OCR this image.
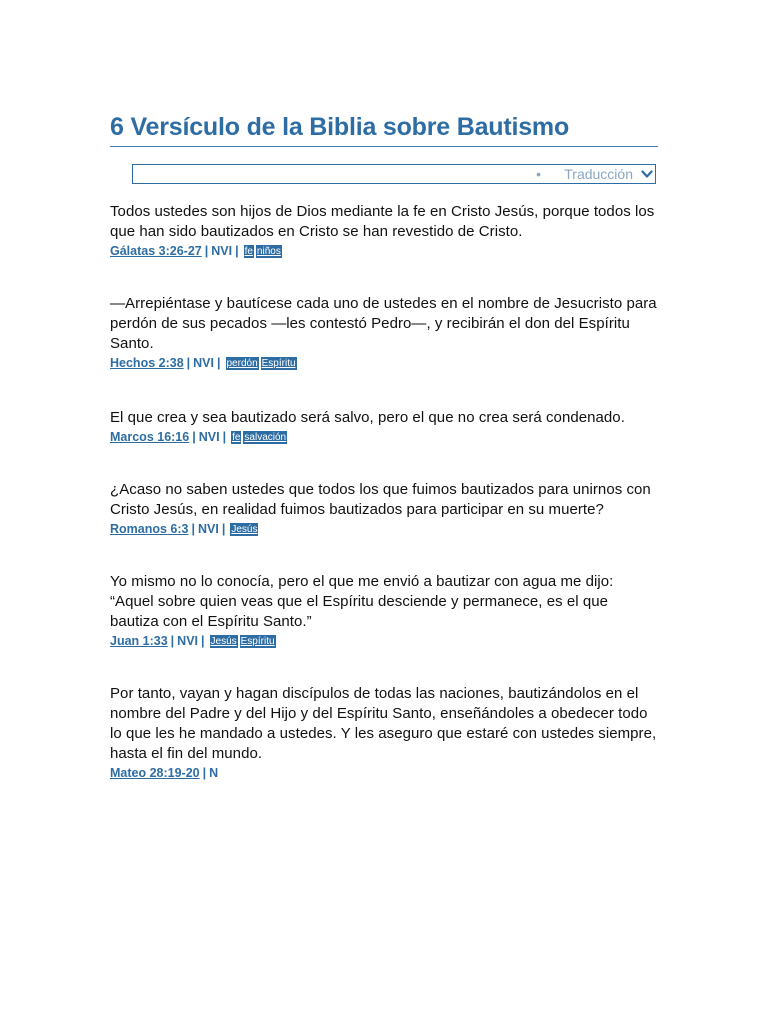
6 Versículo de la Biblia sobre Bautismo
• Traducción

Todos ustedes son hijos de Dios mediante la fe en Cristo Jesús, porque todos los que han sido bautizados en Cristo se han revestido de Cristo.

Gálatas 3:26-27 | NVI | fe niños

—Arrepiéntase y bautícese cada uno de ustedes en el nombre de Jesucristo para perdón de sus pecados —les contestó Pedro—, y recibirán el don del Espíritu Santo.

Hechos 2:38 | NVI | perdón Espíritu

El que crea y sea bautizado será salvo, pero el que no crea será condenado.

Marcos 16:16 | NVI | fe salvación

¿Acaso no saben ustedes que todos los que fuimos bautizados para unirnos con Cristo Jesús, en realidad fuimos bautizados para participar en su muerte?

Romanos 6:3 | NVI | Jesús

Yo mismo no lo conocía, pero el que me envió a bautizar con agua me dijo: “Aquel sobre quien veas que el Espíritu desciende y permanece, es el que bautiza con el Espíritu Santo.”

Juan 1:33 | NVI | Jesús Espíritu

Por tanto, vayan y hagan discípulos de todas las naciones, bautizándolos en el nombre del Padre y del Hijo y del Espíritu Santo, enseñándoles a obedecer todo lo que les he mandado a ustedes. Y les aseguro que estaré con ustedes siempre, hasta el fin del mundo.

Mateo 28:19-20 | N
